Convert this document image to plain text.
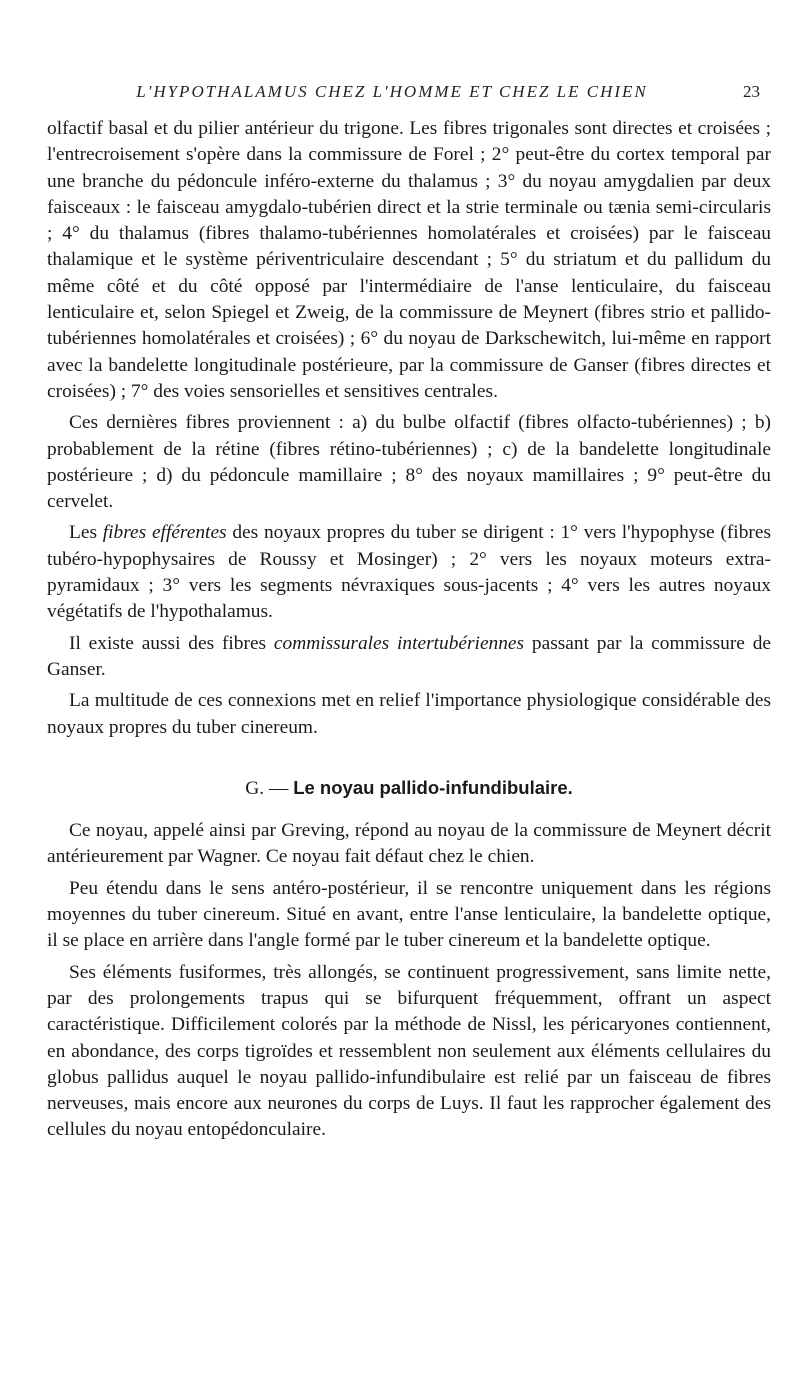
L'HYPOTHALAMUS CHEZ L'HOMME ET CHEZ LE CHIEN	23

olfactif basal et du pilier antérieur du trigone. Les fibres trigonales sont directes et croisées ; l'entrecroisement s'opère dans la commissure de Forel ; 2° peut-être du cortex temporal par une branche du pédoncule inféro-externe du thalamus ; 3° du noyau amygdalien par deux faisceaux : le faisceau amygdalo-tubérien direct et la strie terminale ou tænia semi-circularis ; 4° du thalamus (fibres thalamo-tubériennes homolatérales et croisées) par le faisceau thalamique et le système périventriculaire descendant ; 5° du striatum et du pallidum du même côté et du côté opposé par l'intermédiaire de l'anse lenticulaire, du faisceau lenticulaire et, selon Spiegel et Zweig, de la commissure de Meynert (fibres strio et pallido-tubériennes homolatérales et croisées) ; 6° du noyau de Darkschewitch, lui-même en rapport avec la bandelette longitudinale postérieure, par la commissure de Ganser (fibres directes et croisées) ; 7° des voies sensorielles et sensitives centrales.

Ces dernières fibres proviennent : a) du bulbe olfactif (fibres olfacto-tubériennes) ; b) probablement de la rétine (fibres rétino-tubériennes) ; c) de la bandelette longitudinale postérieure ; d) du pédoncule mamillaire ; 8° des noyaux mamillaires ; 9° peut-être du cervelet.

Les fibres efférentes des noyaux propres du tuber se dirigent : 1° vers l'hypophyse (fibres tubéro-hypophysaires de Roussy et Mosinger) ; 2° vers les noyaux moteurs extra-pyramidaux ; 3° vers les segments névraxiques sous-jacents ; 4° vers les autres noyaux végétatifs de l'hypothalamus.

Il existe aussi des fibres commissurales intertubériennes passant par la commissure de Ganser.

La multitude de ces connexions met en relief l'importance physiologique considérable des noyaux propres du tuber cinereum.

G. — Le noyau pallido-infundibulaire.

Ce noyau, appelé ainsi par Greving, répond au noyau de la commissure de Meynert décrit antérieurement par Wagner. Ce noyau fait défaut chez le chien.

Peu étendu dans le sens antéro-postérieur, il se rencontre uniquement dans les régions moyennes du tuber cinereum. Situé en avant, entre l'anse lenticulaire, la bandelette optique, il se place en arrière dans l'angle formé par le tuber cinereum et la bandelette optique.

Ses éléments fusiformes, très allongés, se continuent progressivement, sans limite nette, par des prolongements trapus qui se bifurquent fréquemment, offrant un aspect caractéristique. Difficilement colorés par la méthode de Nissl, les péricaryones contiennent, en abondance, des corps tigroïdes et ressemblent non seulement aux éléments cellulaires du globus pallidus auquel le noyau pallido-infundibulaire est relié par un faisceau de fibres nerveuses, mais encore aux neurones du corps de Luys. Il faut les rapprocher également des cellules du noyau entopédonculaire.
